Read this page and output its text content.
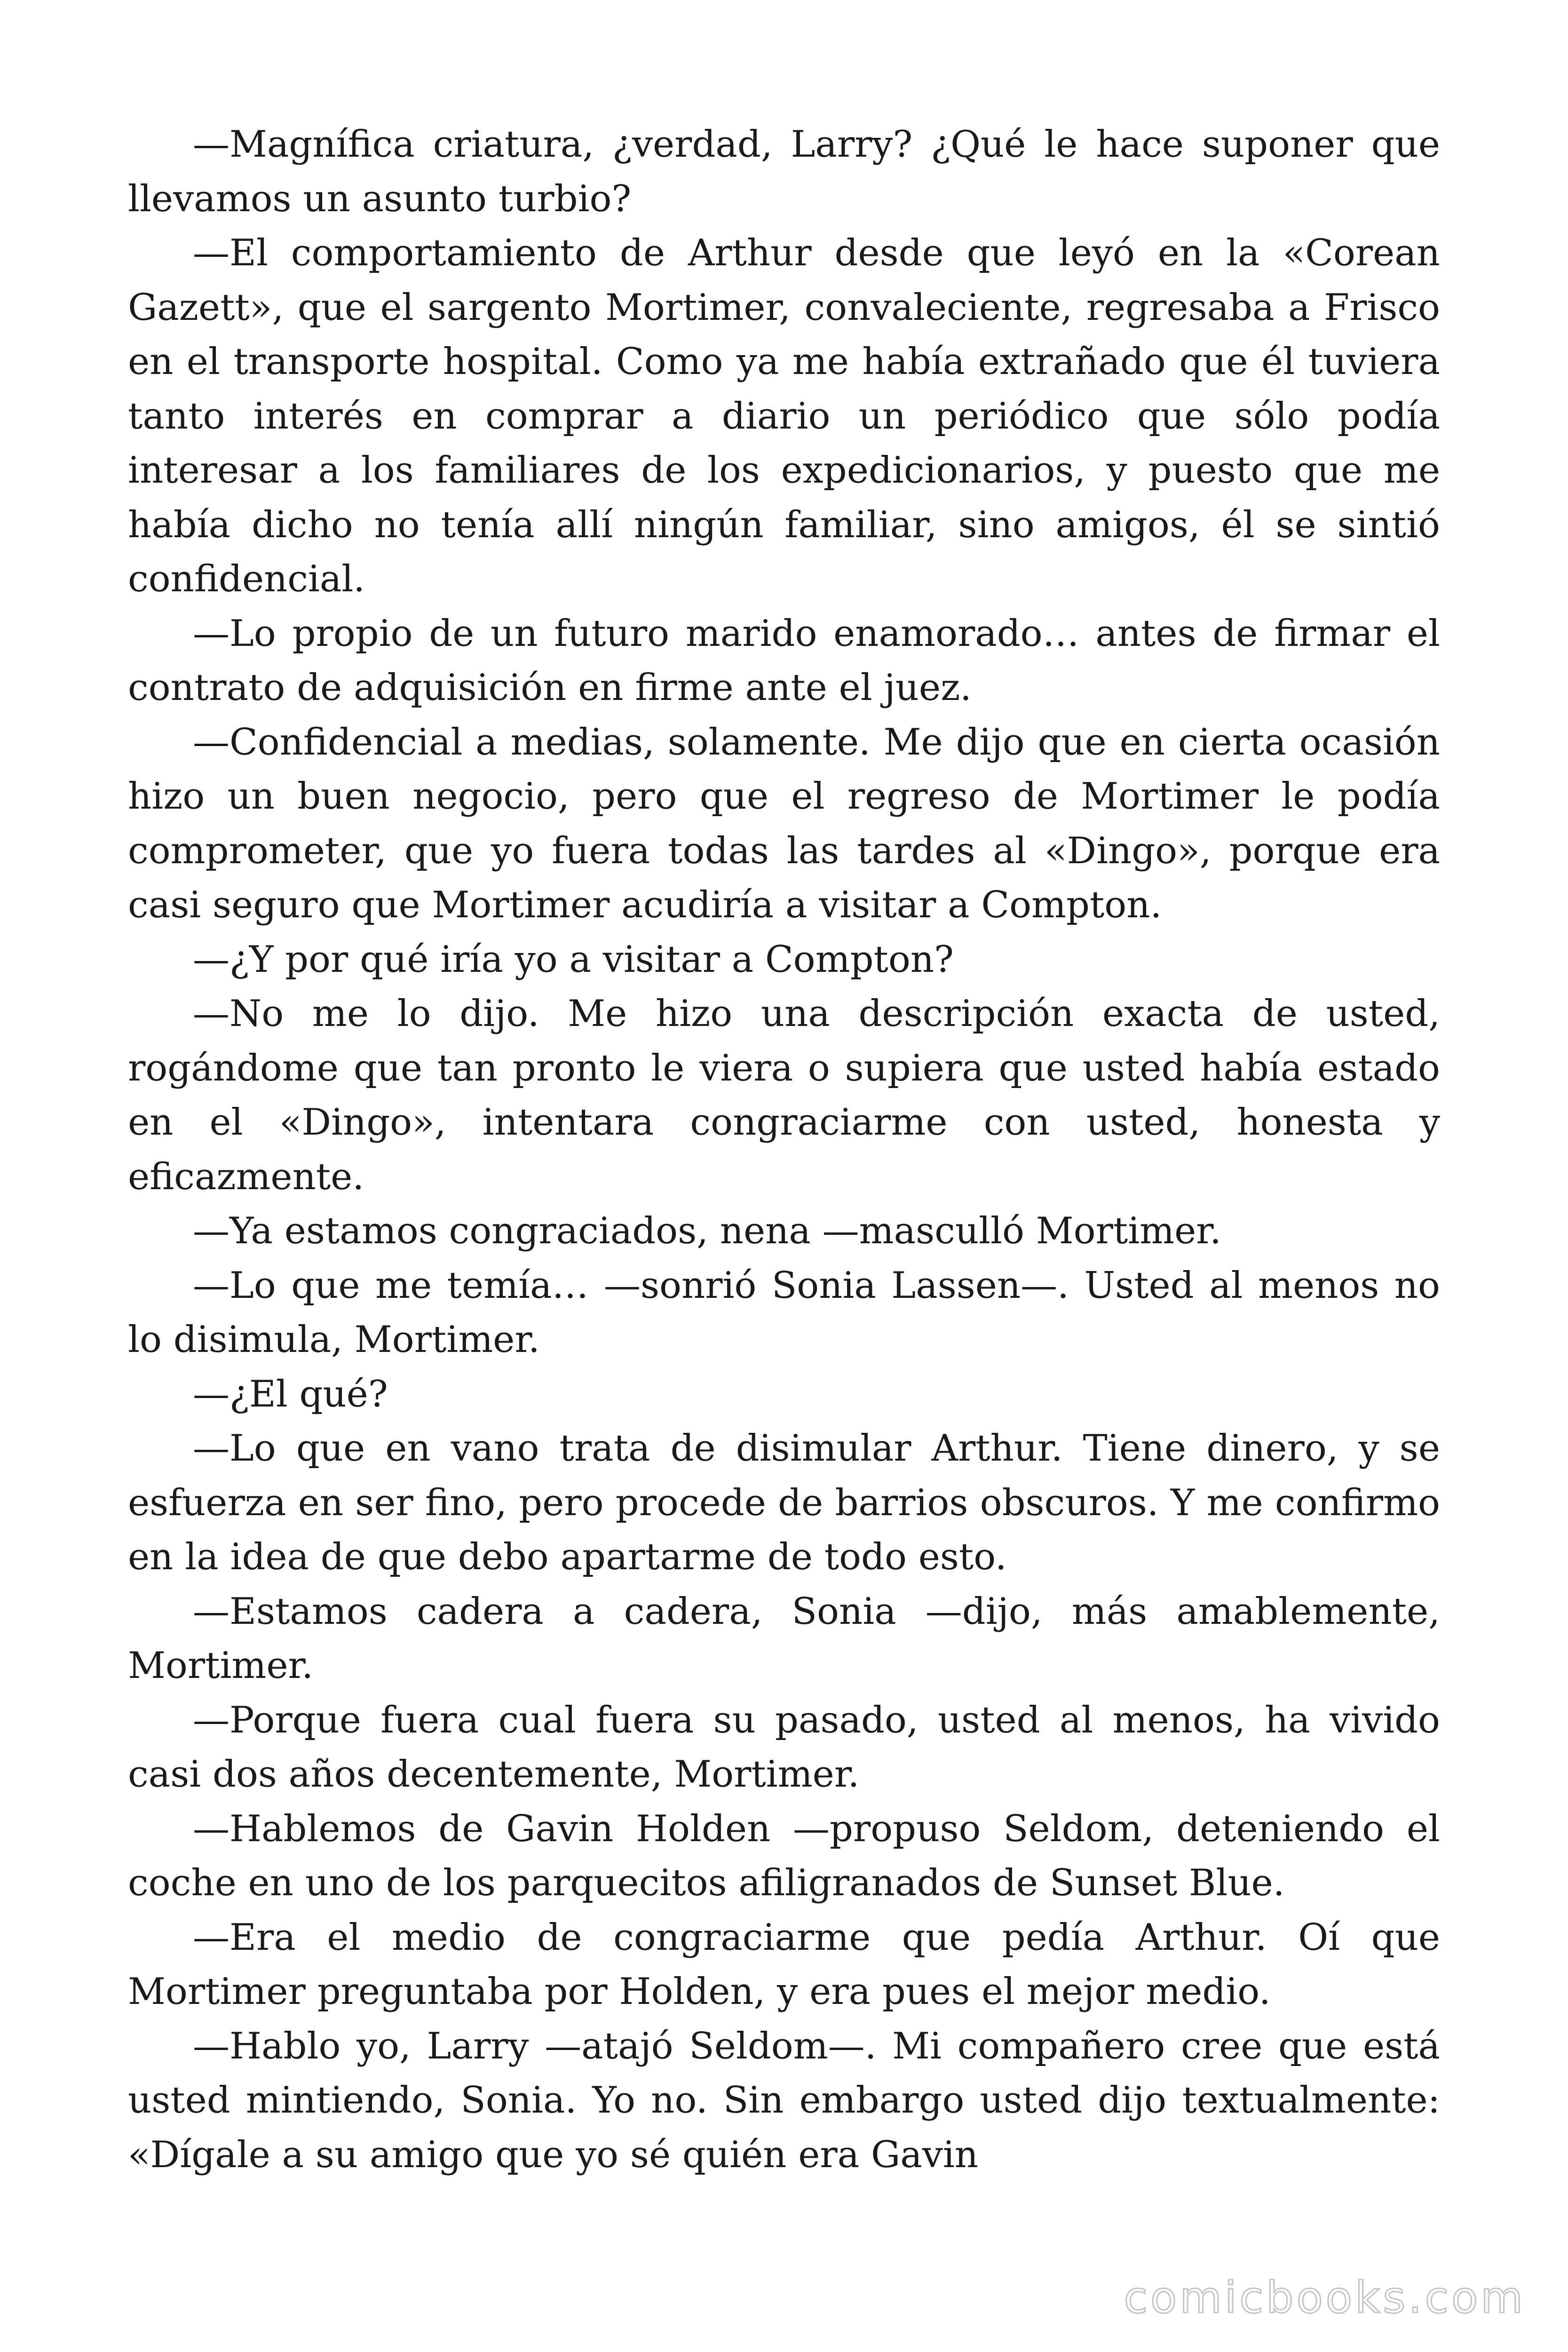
—Magnífica criatura, ¿verdad, Larry? ¿Qué le hace suponer que llevamos un asunto turbio?

—El comportamiento de Arthur desde que leyó en la «Corean Gazett», que el sargento Mortimer, convaleciente, regresaba a Frisco en el transporte hospital. Como ya me había extrañado que él tuviera tanto interés en comprar a diario un periódico que sólo podía interesar a los familiares de los expedicionarios, y puesto que me había dicho no tenía allí ningún familiar, sino amigos, él se sintió confidencial.

—Lo propio de un futuro marido enamorado… antes de firmar el contrato de adquisición en firme ante el juez.

—Confidencial a medias, solamente. Me dijo que en cierta ocasión hizo un buen negocio, pero que el regreso de Mortimer le podía comprometer, que yo fuera todas las tardes al «Dingo», porque era casi seguro que Mortimer acudiría a visitar a Compton.

—¿Y por qué iría yo a visitar a Compton?

—No me lo dijo. Me hizo una descripción exacta de usted, rogándome que tan pronto le viera o supiera que usted había estado en el «Dingo», intentara congraciarme con usted, honesta y eficazmente.

—Ya estamos congraciados, nena —masculló Mortimer.

—Lo que me temía… —sonrió Sonia Lassen—. Usted al menos no lo disimula, Mortimer.

—¿El qué?

—Lo que en vano trata de disimular Arthur. Tiene dinero, y se esfuerza en ser fino, pero procede de barrios obscuros. Y me confirmo en la idea de que debo apartarme de todo esto.

—Estamos cadera a cadera, Sonia —dijo, más amablemente, Mortimer.

—Porque fuera cual fuera su pasado, usted al menos, ha vivido casi dos años decentemente, Mortimer.

—Hablemos de Gavin Holden —propuso Seldom, deteniendo el coche en uno de los parquecitos afiligranados de Sunset Blue.

—Era el medio de congraciarme que pedía Arthur. Oí que Mortimer preguntaba por Holden, y era pues el mejor medio.

—Hablo yo, Larry —atajó Seldom—. Mi compañero cree que está usted mintiendo, Sonia. Yo no. Sin embargo usted dijo textualmente: «Dígale a su amigo que yo sé quién era Gavin

comicbooks.com
